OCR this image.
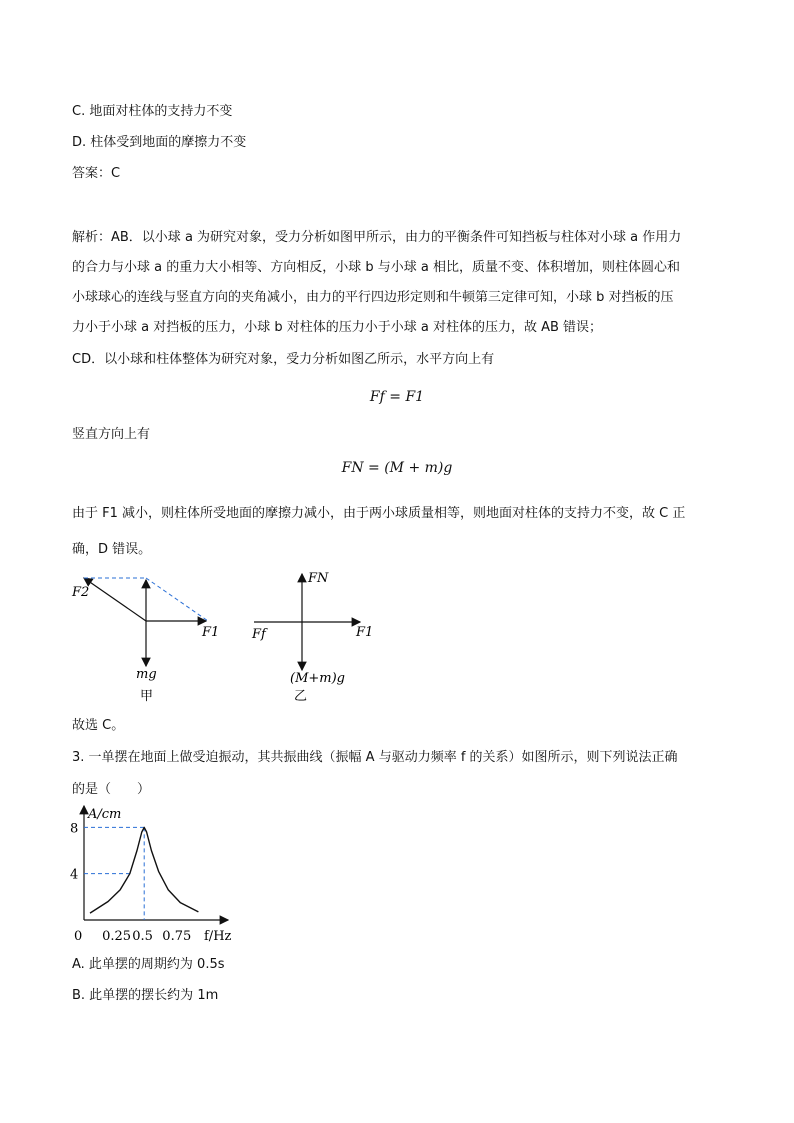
C. 地面对柱体的支持力不变
D. 柱体受到地面的摩擦力不变
答案：C
解析：AB．以小球 a 为研究对象，受力分析如图甲所示，由力的平衡条件可知挡板与柱体对小球 a 作用力
的合力与小球 a 的重力大小相等、方向相反，小球 b 与小球 a 相比，质量不变、体积增加，则柱体圆心和
小球球心的连线与竖直方向的夹角减小，由力的平行四边形定则和牛顿第三定律可知，小球 b 对挡板的压
力小于小球 a 对挡板的压力，小球 b 对柱体的压力小于小球 a 对柱体的压力，故 AB 错误；
CD．以小球和柱体整体为研究对象，受力分析如图乙所示，水平方向上有
Ff = F1
竖直方向上有
FN = (M + m)g
由于 F1 减小，则柱体所受地面的摩擦力减小，由于两小球质量相等，则地面对柱体的支持力不变，故 C 正
确，D 错误。
F2
F1
mg
甲
FN
F1
Ff
(M+m)g
乙
故选 C。
3. 一单摆在地面上做受迫振动，其共振曲线（振幅 A 与驱动力频率 f 的关系）如图所示，则下列说法正确
的是（　　）
A/cm
f/Hz
0 0.25 0.5 0.75
4
8
A. 此单摆的周期约为 0.5s
B. 此单摆的摆长约为 1m
